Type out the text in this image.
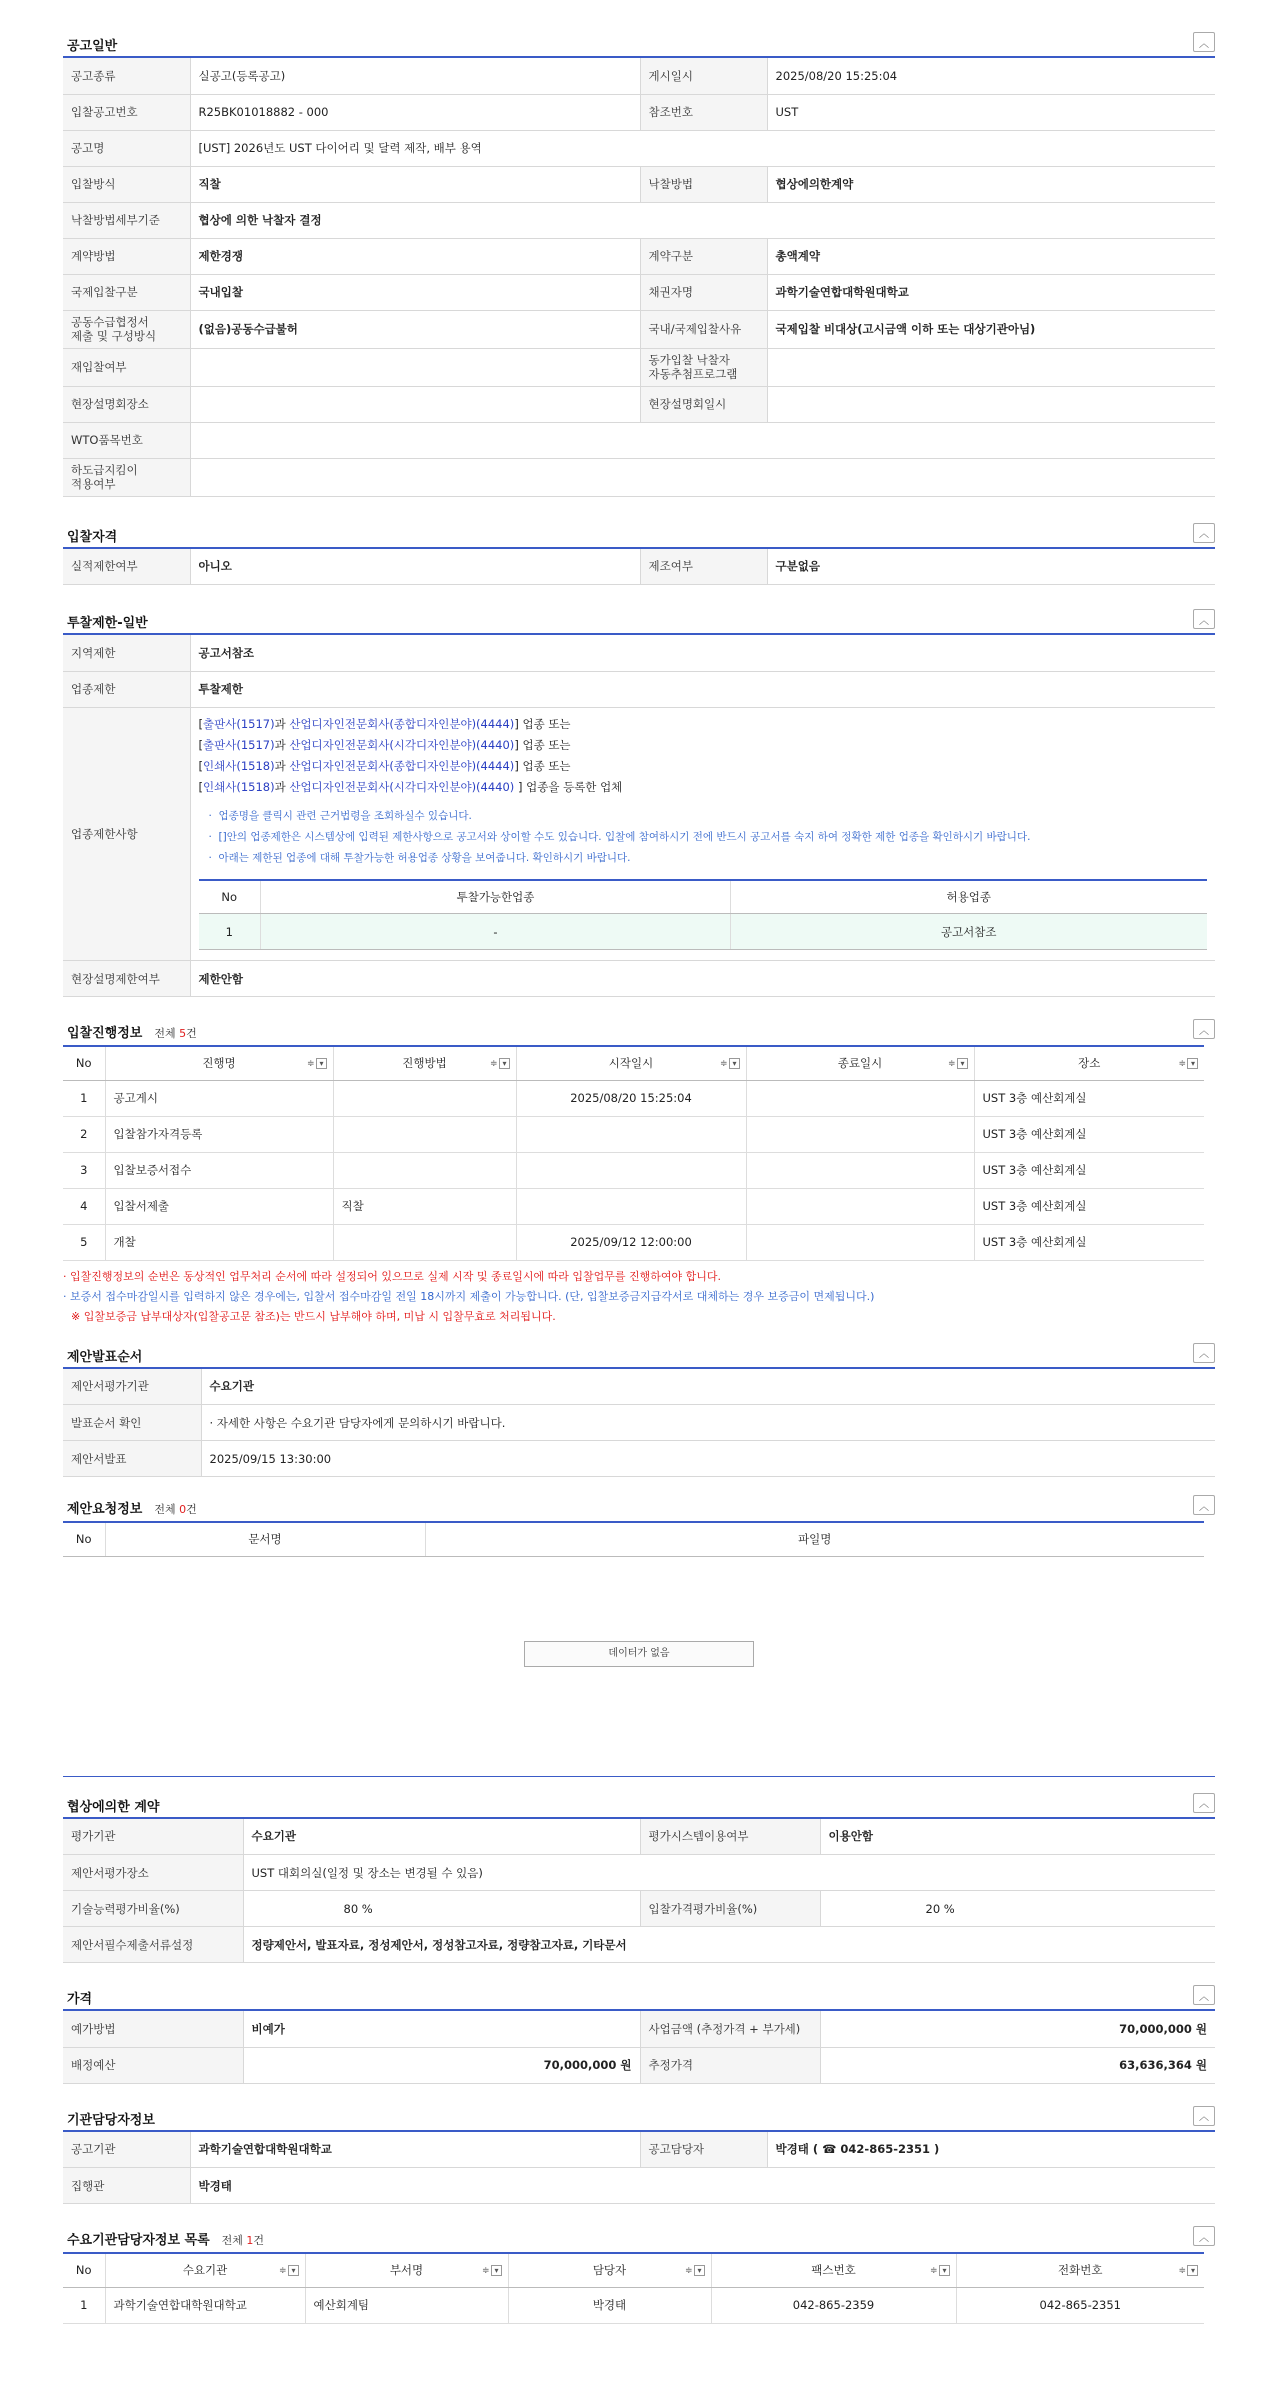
공고일반	︿
공고종류	실공고(등록공고)	게시일시	2025/08/20 15:25:04
입찰공고번호	R25BK01018882 - 000	참조번호	UST
공고명	[UST] 2026년도 UST 다이어리 및 달력 제작, 배부 용역		
입찰방식	직찰	낙찰방법	협상에의한계약
낙찰방법세부기준	협상에 의한 낙찰자 결정		
계약방법	제한경쟁	계약구분	총액계약
국제입찰구분	국내입찰	채권자명	과학기술연합대학원대학교

공동수급협정서
제출 및 구성방식	(없음)공동수급불허	국내/국제입찰사유	국제입찰 비대상(고시금액 이하 또는 대상기관아님)
재입찰여부		동가입찰 낙찰자
자동추첨프로그램	

현장설명회장소		현장설명회일시	
WTO품목번호			

하도급지킴이
적용여부			

입찰자격	︿
실적제한여부	아니오	제조여부	구분없음
투찰제한-일반	︿
지역제한	공고서참조
업종제한	투찰제한
업종제한사항	
[출판사(1517)과 산업디자인전문회사(종합디자인분야)(4444)] 업종 또는
[출판사(1517)과 산업디자인전문회사(시각디자인분야)(4440)] 업종 또는
[인쇄사(1518)과 산업디자인전문회사(종합디자인분야)(4444)] 업종 또는
[인쇄사(1518)과 산업디자인전문회사(시각디자인분야)(4440) ] 업종을 등록한 업체
·  업종명을 클릭시 관련 근거법령을 조회하실수 있습니다.
·  []안의 업종제한은 시스템상에 입력된 제한사항으로 공고서와 상이할 수도 있습니다. 입찰에 참여하시기 전에 반드시 공고서를 숙지 하여 정확한 제한 업종을 확인하시기 바랍니다.
·  아래는 제한된 업종에 대해 투찰가능한 허용업종 상황을 보여줍니다. 확인하시기 바랍니다.
No	투찰가능한업종	허용업종
1	-	공고서참조

현장설명제한여부	제한안함
입찰진행정보 전체 5건	︿
No	진행명 ≑ ▾	진행방법 ≑ ▾	시작일시 ≑ ▾	종료일시 ≑ ▾	장소 ≑ ▾

1	공고게시		2025/08/20 15:25:04		UST 3층 예산회계실
2	입찰참가자격등록				UST 3층 예산회계실
3	입찰보증서접수				UST 3층 예산회계실
4	입찰서제출	직찰			UST 3층 예산회계실
5	개찰		2025/09/12 12:00:00		UST 3층 예산회계실
· 입찰진행정보의 순번은 동상적인 업무처리 순서에 따라 설정되어 있으므로 실제 시작 및 종료일시에 따라 입찰업무를 진행하여야 합니다.
· 보증서 접수마감일시를 입력하지 않은 경우에는, 입찰서 접수마감일 전일 18시까지 제출이 가능합니다. (단, 입찰보증금지급각서로 대체하는 경우 보증금이 면제됩니다.)
※ 입찰보증금 납부대상자(입찰공고문 참조)는 반드시 납부해야 하며, 미납 시 입찰무효로 처리됩니다.
제안발표순서	︿
제안서평가기관	수요기관
발표순서 확인	· 자세한 사항은 수요기관 담당자에게 문의하시기 바랍니다.
제안서발표	2025/09/15 13:30:00
제안요청정보 전체 0건	︿
No	문서명	파일명
데이터가 없음
협상에의한 계약	︿
평가기관	수요기관	평가시스템이용여부	이용안함
제안서평가장소	UST 대회의실(일정 및 장소는 변경될 수 있음)		
기술능력평가비율(%)	80 %	입찰가격평가비율(%)	20 %
제안서필수제출서류설정	정량제안서, 발표자료, 정성제안서, 정성참고자료, 정량참고자료, 기타문서		
가격	︿
예가방법	비예가	사업금액 (추정가격 + 부가세)	70,000,000 원
배정예산	70,000,000 원	추정가격	63,636,364 원
기관담당자정보	︿
공고기관	과학기술연합대학원대학교	공고담당자	박경태 ( ☎ 042-865-2351 )
집행관	박경태		
수요기관담당자정보 목록 전체 1건	︿
No	수요기관 ≑ ▾	부서명 ≑ ▾	담당자 ≑ ▾	팩스번호 ≑ ▾	전화번호 ≑ ▾

1	과학기술연합대학원대학교	예산회계팀	박경태	042-865-2359	042-865-2351
